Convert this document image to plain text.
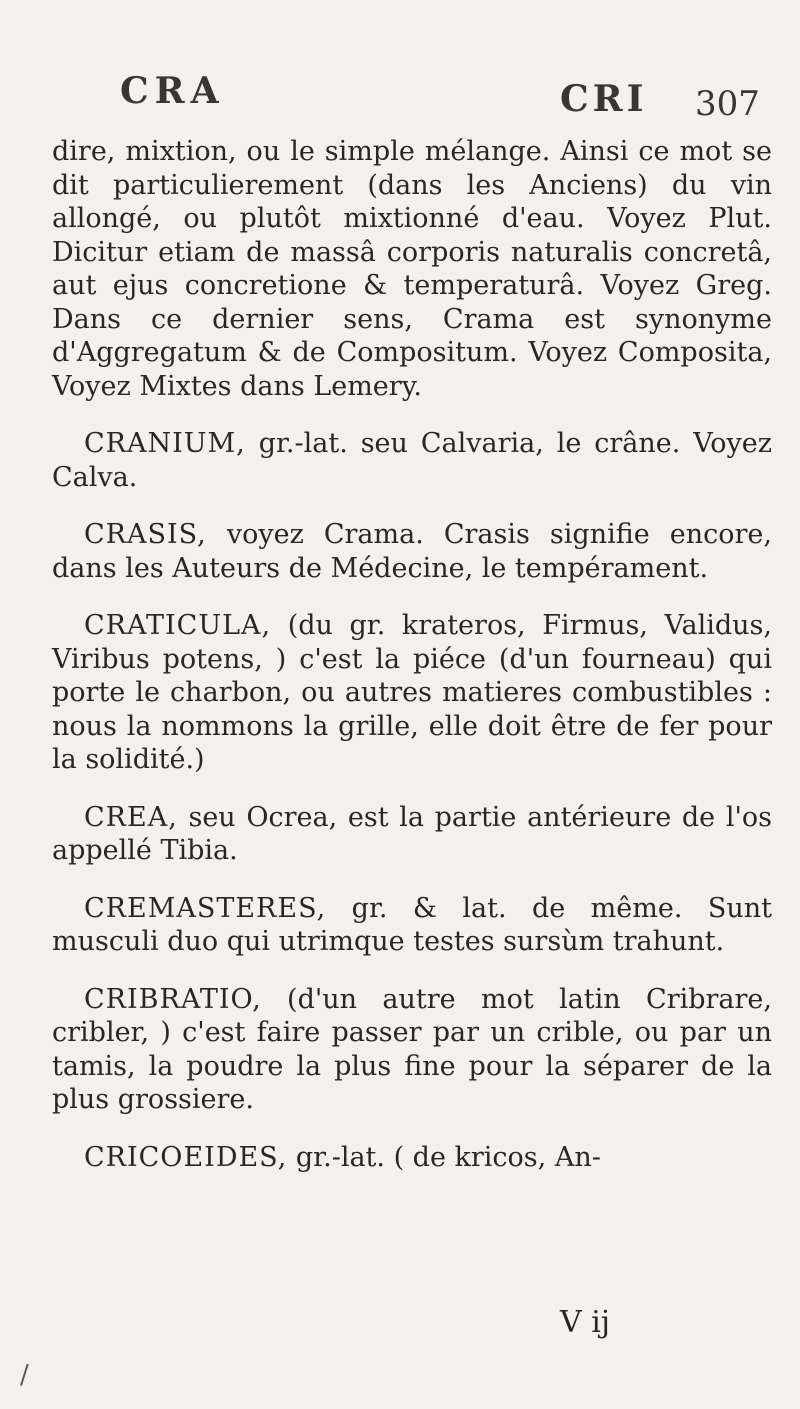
CRA	CRI 307

dire, mixtion, ou le simple mélange. Ainsi ce mot se dit particulierement (dans les Anciens) du vin allongé, ou plutôt mixtionné d'eau. Voyez Plut. Dicitur etiam de massâ corporis naturalis concretâ, aut ejus concretione & temperaturâ. Voyez Greg. Dans ce dernier sens, Crama est synonyme d'Aggregatum & de Compositum. Voyez Composita, Voyez Mixtes dans Lemery.

CRANIUM, gr.-lat. seu Calvaria, le crâne. Voyez Calva.

CRASIS, voyez Crama. Crasis signifie encore, dans les Auteurs de Médecine, le tempérament.

CRATICULA, (du gr. krateros, Firmus, Validus, Viribus potens, ) c'est la piéce (d'un fourneau) qui porte le charbon, ou autres matieres combustibles : nous la nommons la grille, elle doit être de fer pour la solidité.)

CREA, seu Ocrea, est la partie antérieure de l'os appellé Tibia.

CREMASTERES, gr. & lat. de même. Sunt musculi duo qui utrimque testes sursùm trahunt.

CRIBRATIO, (d'un autre mot latin Cribrare, cribler, ) c'est faire passer par un crible, ou par un tamis, la poudre la plus fine pour la séparer de la plus grossiere.

CRICOEIDES, gr.-lat. ( de kricos, An-

V ij
/
